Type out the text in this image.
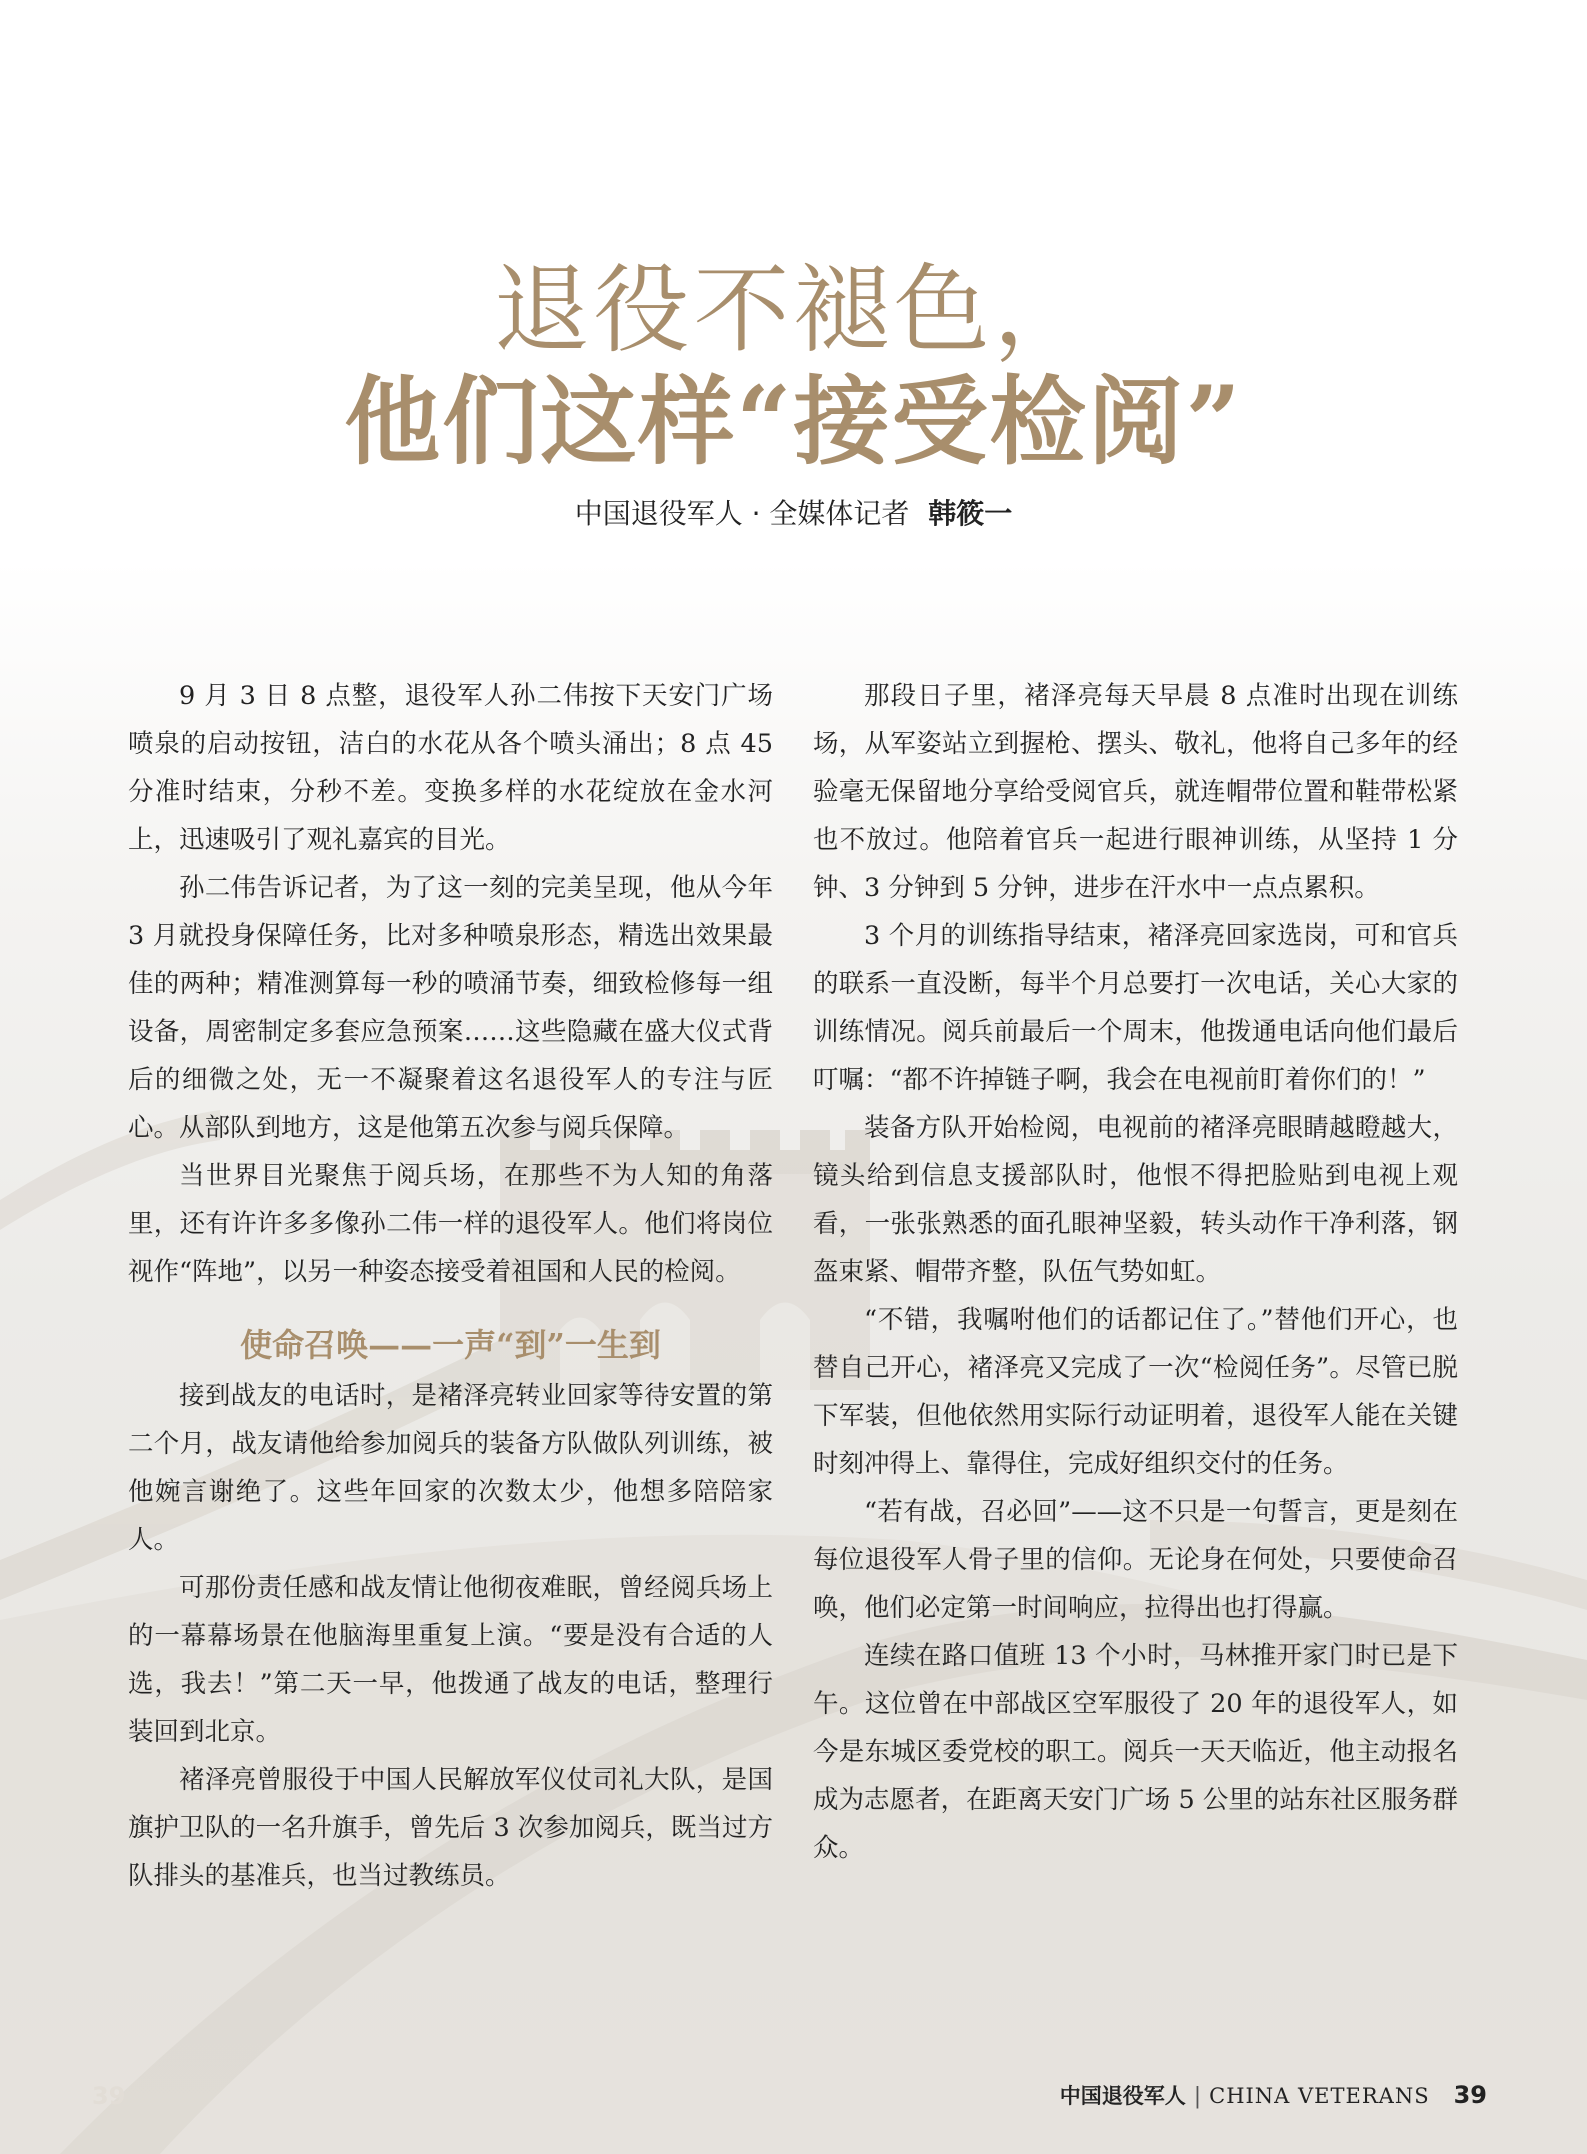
退役不褪色，
他们这样“接受检阅”
中国退役军人 · 全媒体记者 韩筱一

9 月 3 日 8 点整，退役军人孙二伟按下天安门广场喷泉的启动按钮，洁白的水花从各个喷头涌出；8 点 45 分准时结束，分秒不差。变换多样的水花绽放在金水河上，迅速吸引了观礼嘉宾的目光。

孙二伟告诉记者，为了这一刻的完美呈现，他从今年 3 月就投身保障任务，比对多种喷泉形态，精选出效果最佳的两种；精准测算每一秒的喷涌节奏，细致检修每一组设备，周密制定多套应急预案……这些隐藏在盛大仪式背后的细微之处，无一不凝聚着这名退役军人的专注与匠心。从部队到地方，这是他第五次参与阅兵保障。

当世界目光聚焦于阅兵场，在那些不为人知的角落里，还有许许多多像孙二伟一样的退役军人。他们将岗位视作“阵地”，以另一种姿态接受着祖国和人民的检阅。

使命召唤——一声“到”一生到

接到战友的电话时，是褚泽亮转业回家等待安置的第二个月，战友请他给参加阅兵的装备方队做队列训练，被他婉言谢绝了。这些年回家的次数太少，他想多陪陪家人。

可那份责任感和战友情让他彻夜难眠，曾经阅兵场上的一幕幕场景在他脑海里重复上演。“要是没有合适的人选，我去！”第二天一早，他拨通了战友的电话，整理行装回到北京。

褚泽亮曾服役于中国人民解放军仪仗司礼大队，是国旗护卫队的一名升旗手，曾先后 3 次参加阅兵，既当过方队排头的基准兵，也当过教练员。

那段日子里，褚泽亮每天早晨 8 点准时出现在训练场，从军姿站立到握枪、摆头、敬礼，他将自己多年的经验毫无保留地分享给受阅官兵，就连帽带位置和鞋带松紧也不放过。他陪着官兵一起进行眼神训练，从坚持 1 分钟、3 分钟到 5 分钟，进步在汗水中一点点累积。

3 个月的训练指导结束，褚泽亮回家选岗，可和官兵的联系一直没断，每半个月总要打一次电话，关心大家的训练情况。阅兵前最后一个周末，他拨通电话向他们最后叮嘱：“都不许掉链子啊，我会在电视前盯着你们的！”

装备方队开始检阅，电视前的褚泽亮眼睛越瞪越大，镜头给到信息支援部队时，他恨不得把脸贴到电视上观看，一张张熟悉的面孔眼神坚毅，转头动作干净利落，钢盔束紧、帽带齐整，队伍气势如虹。

“不错，我嘱咐他们的话都记住了。”替他们开心，也替自己开心，褚泽亮又完成了一次“检阅任务”。尽管已脱下军装，但他依然用实际行动证明着，退役军人能在关键时刻冲得上、靠得住，完成好组织交付的任务。

“若有战，召必回”——这不只是一句誓言，更是刻在每位退役军人骨子里的信仰。无论身在何处，只要使命召唤，他们必定第一时间响应，拉得出也打得赢。

连续在路口值班 13 个小时，马林推开家门时已是下午。这位曾在中部战区空军服役了 20 年的退役军人，如今是东城区委党校的职工。阅兵一天天临近，他主动报名成为志愿者，在距离天安门广场 5 公里的站东社区服务群众。

39	中国退役军人 | CHINA VETERANS 39
